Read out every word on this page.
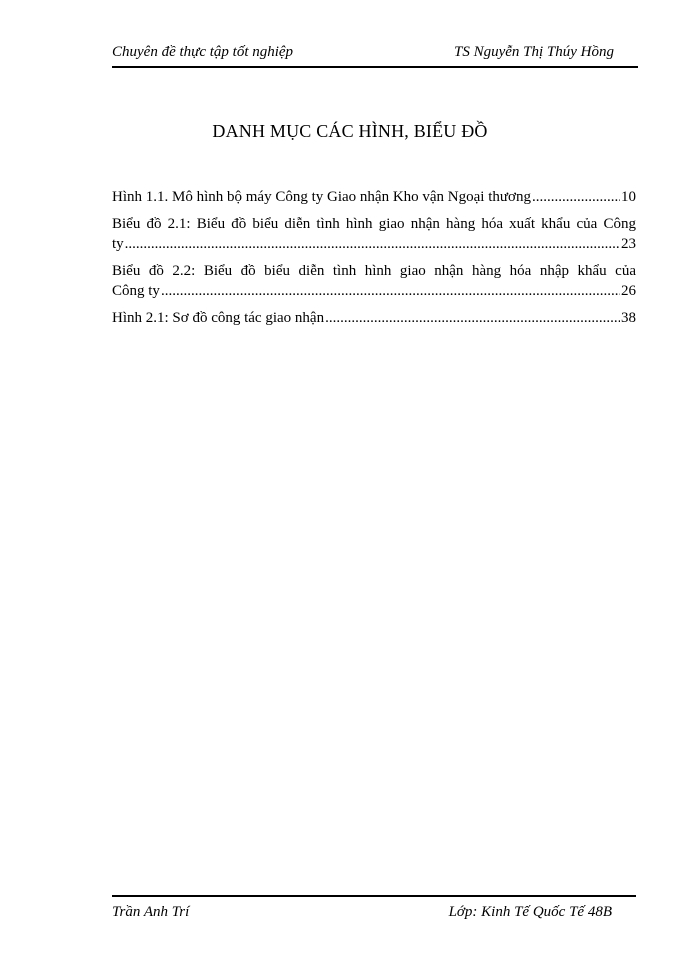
Chuyên đề thực tập tốt nghiệp	TS Nguyễn Thị Thúy Hồng
DANH MỤC CÁC HÌNH, BIỂU ĐỒ
Hình 1.1. Mô hình bộ máy Công ty Giao nhận Kho vận Ngoại thương .....	10
Biểu đồ 2.1: Biểu đồ biểu diễn tình hình giao nhận hàng hóa xuất khẩu của Công
ty .....	23
Biểu đồ 2.2: Biểu đồ biểu diễn tình hình giao nhận hàng hóa nhập khẩu của
Công ty .....	26
Hình 2.1: Sơ đồ công tác giao nhận .....	38
Trần Anh Trí	Lớp: Kinh Tế Quốc Tế 48B
